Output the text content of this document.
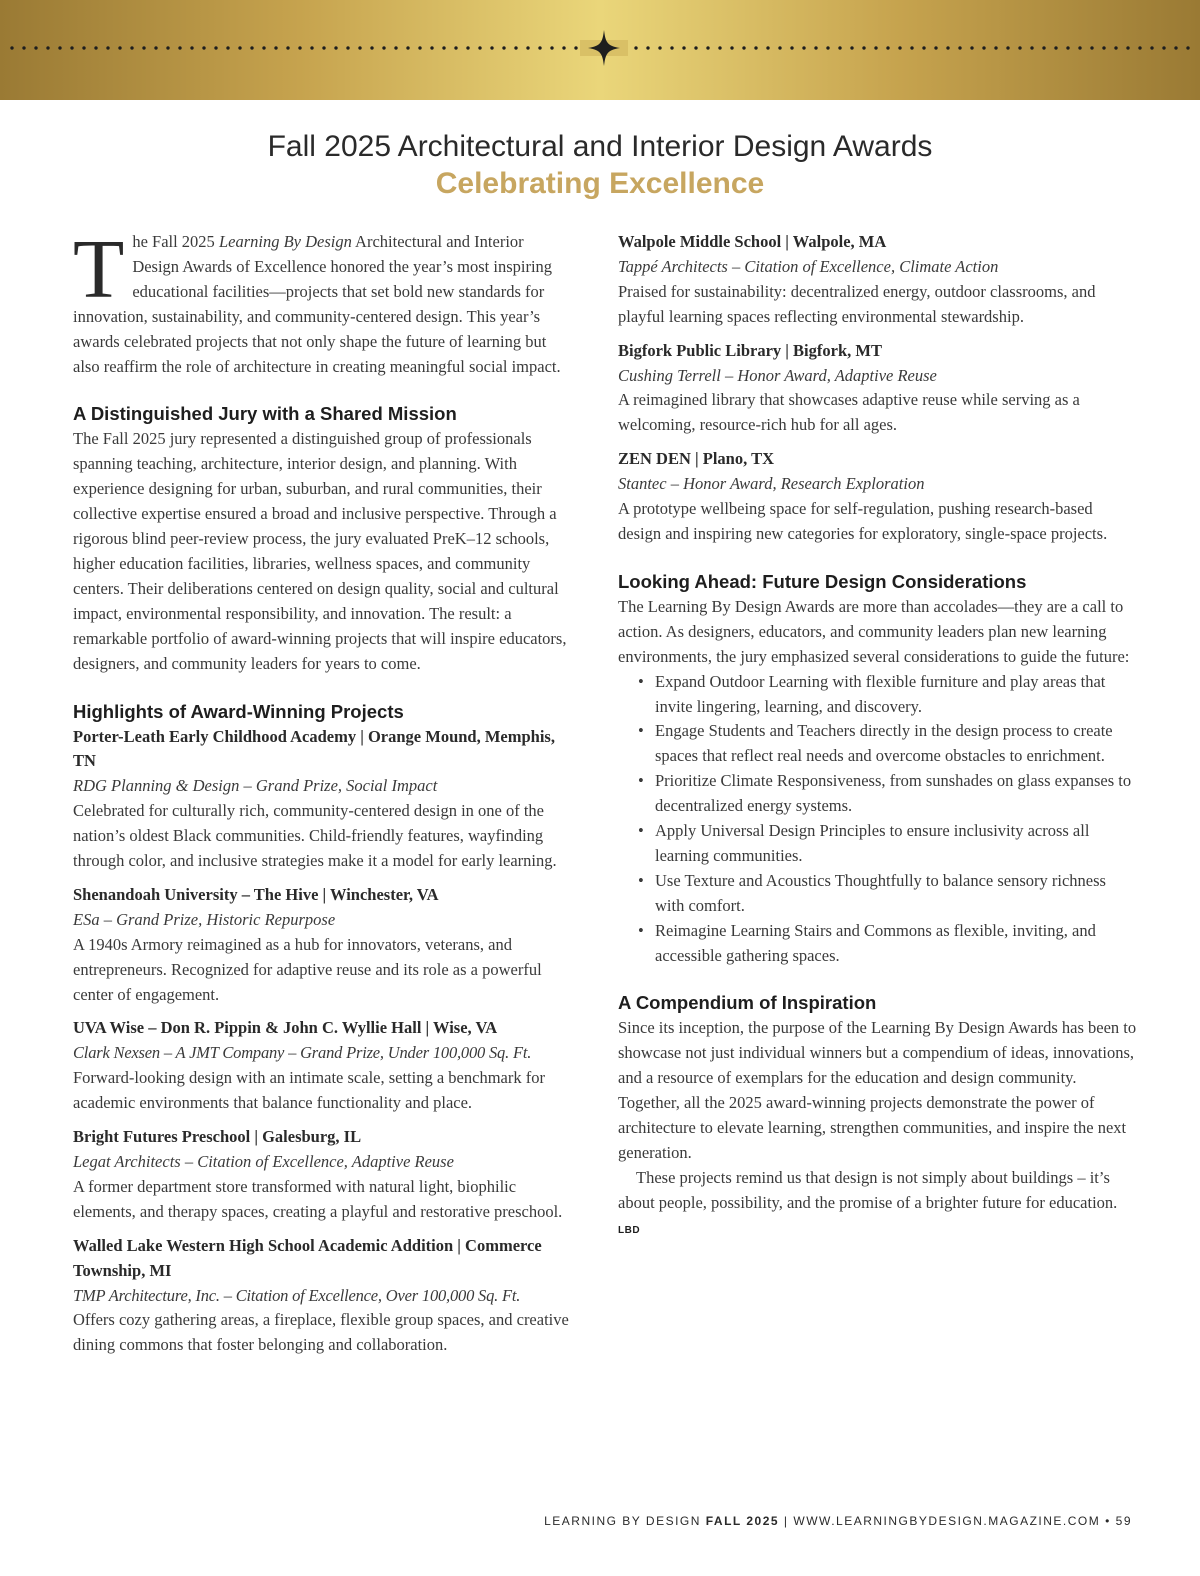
Fall 2025 Architectural and Interior Design Awards
Celebrating Excellence

The Fall 2025 Learning By Design Architectural and Interior Design Awards of Excellence honored the year’s most inspiring educational facilities—projects that set bold new standards for innovation, sustainability, and community-centered design. This year’s awards celebrated projects that not only shape the future of learning but also reaffirm the role of architecture in creating meaningful social impact.

A Distinguished Jury with a Shared Mission

The Fall 2025 jury represented a distinguished group of professionals spanning teaching, architecture, interior design, and planning. With experience designing for urban, suburban, and rural communities, their collective expertise ensured a broad and inclusive perspective. Through a rigorous blind peer-review process, the jury evaluated PreK–12 schools, higher education facilities, libraries, wellness spaces, and community centers. Their deliberations centered on design quality, social and cultural impact, environmental responsibility, and innovation. The result: a remarkable portfolio of award-winning projects that will inspire educators, designers, and community leaders for years to come.

Highlights of Award-Winning Projects

Porter-Leath Early Childhood Academy | Orange Mound, Memphis, TN

RDG Planning & Design – Grand Prize, Social Impact

Celebrated for culturally rich, community-centered design in one of the nation’s oldest Black communities. Child-friendly features, wayfinding through color, and inclusive strategies make it a model for early learning.

Shenandoah University – The Hive | Winchester, VA

ESa – Grand Prize, Historic Repurpose

A 1940s Armory reimagined as a hub for innovators, veterans, and entrepreneurs. Recognized for adaptive reuse and its role as a powerful center of engagement.

UVA Wise – Don R. Pippin & John C. Wyllie Hall | Wise, VA

Clark Nexsen – A JMT Company – Grand Prize, Under 100,000 Sq. Ft.

Forward-looking design with an intimate scale, setting a benchmark for academic environments that balance functionality and place.

Bright Futures Preschool | Galesburg, IL

Legat Architects – Citation of Excellence, Adaptive Reuse

A former department store transformed with natural light, biophilic elements, and therapy spaces, creating a playful and restorative preschool.

Walled Lake Western High School Academic Addition | Commerce Township, MI

TMP Architecture, Inc. – Citation of Excellence, Over 100,000 Sq. Ft.

Offers cozy gathering areas, a fireplace, flexible group spaces, and creative dining commons that foster belonging and collaboration.

Walpole Middle School | Walpole, MA

Tappé Architects – Citation of Excellence, Climate Action

Praised for sustainability: decentralized energy, outdoor classrooms, and playful learning spaces reflecting environmental stewardship.

Bigfork Public Library | Bigfork, MT

Cushing Terrell – Honor Award, Adaptive Reuse

A reimagined library that showcases adaptive reuse while serving as a welcoming, resource-rich hub for all ages.

ZEN DEN | Plano, TX

Stantec – Honor Award, Research Exploration

A prototype wellbeing space for self-regulation, pushing research-based design and inspiring new categories for exploratory, single-space projects.

Looking Ahead: Future Design Considerations

The Learning By Design Awards are more than accolades—they are a call to action. As designers, educators, and community leaders plan new learning environments, the jury emphasized several considerations to guide the future:

• Expand Outdoor Learning with flexible furniture and play areas that invite lingering, learning, and discovery.
• Engage Students and Teachers directly in the design process to create spaces that reflect real needs and overcome obstacles to enrichment.
• Prioritize Climate Responsiveness, from sunshades on glass expanses to decentralized energy systems.
• Apply Universal Design Principles to ensure inclusivity across all learning communities.
• Use Texture and Acoustics Thoughtfully to balance sensory richness with comfort.
• Reimagine Learning Stairs and Commons as flexible, inviting, and accessible gathering spaces.
A Compendium of Inspiration

Since its inception, the purpose of the Learning By Design Awards has been to showcase not just individual winners but a compendium of ideas, innovations, and a resource of exemplars for the education and design community. Together, all the 2025 award-winning projects demonstrate the power of architecture to elevate learning, strengthen communities, and inspire the next generation.

These projects remind us that design is not simply about buildings – it’s about people, possibility, and the promise of a brighter future for education. LBD

LEARNING BY DESIGN FALL 2025 | WWW.LEARNINGBYDESIGN.MAGAZINE.COM • 59
